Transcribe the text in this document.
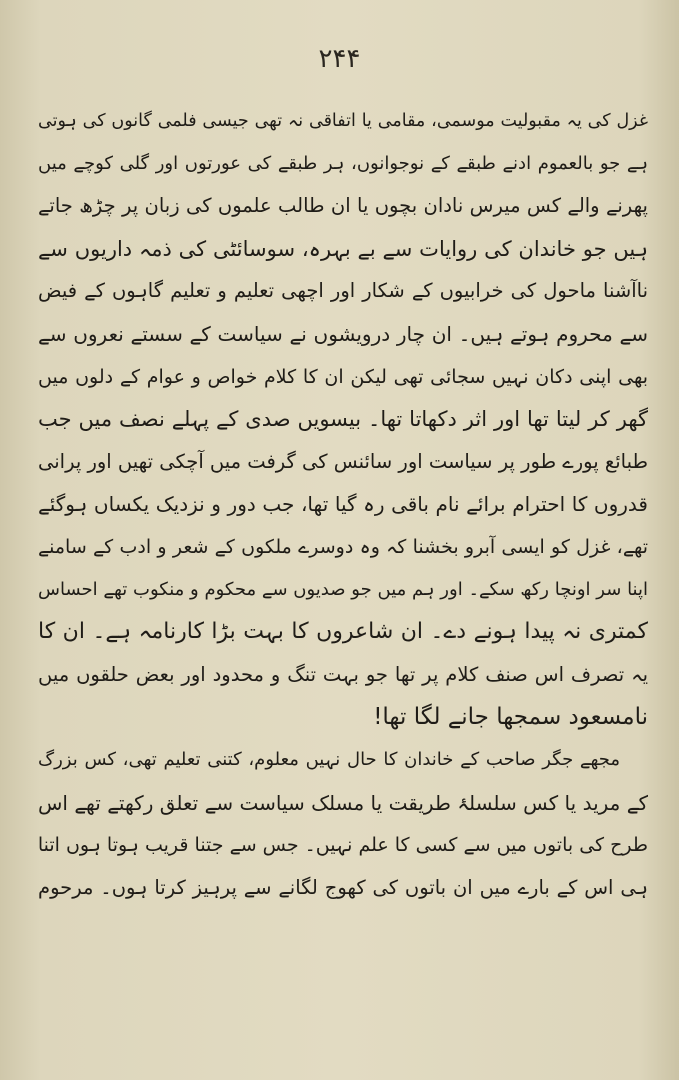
۲۴۴
غزل کی یہ مقبولیت موسمی، مقامی یا اتفاقی نہ تھی جیسی فلمی گانوں کی ہوتی
ہے جو بالعموم ادنے طبقے کے نوجوانوں، ہر طبقے کی عورتوں اور گلی کوچے میں
پھرنے والے کس میرس نادان بچوں یا ان طالب علموں کی زبان پر چڑھ جاتے
ہیں جو خاندان کی روایات سے بے بہرہ، سوسائٹی کی ذمہ داریوں سے
ناآشنا ماحول کی خرابیوں کے شکار اور اچھی تعلیم و تعلیم گاہوں کے فیض
سے محروم ہوتے ہیں۔ ان چار درویشوں نے سیاست کے سستے نعروں سے
بھی اپنی دکان نہیں سجائی تھی لیکن ان کا کلام خواص و عوام کے دلوں میں
گھر کر لیتا تھا اور اثر دکھاتا تھا۔ بیسویں صدی کے پہلے نصف میں جب
طبائع پورے طور پر سیاست اور سائنس کی گرفت میں آچکی تھیں اور پرانی
قدروں کا احترام برائے نام باقی رہ گیا تھا، جب دور و نزدیک یکساں ہوگئے
تھے، غزل کو ایسی آبرو بخشنا کہ وہ دوسرے ملکوں کے شعر و ادب کے سامنے
اپنا سر اونچا رکھ سکے۔ اور ہم میں جو صدیوں سے محکوم و منکوب تھے احساس
کمتری نہ پیدا ہونے دے۔ ان شاعروں کا بہت بڑا کارنامہ ہے۔ ان کا
یہ تصرف اس صنف کلام پر تھا جو بہت تنگ و محدود اور بعض حلقوں میں
نامسعود سمجھا جانے لگا تھا!
مجھے جگر صاحب کے خاندان کا حال نہیں معلوم، کتنی تعلیم تھی، کس بزرگ
کے مرید یا کس سلسلۂ طریقت یا مسلک سیاست سے تعلق رکھتے تھے اس
طرح کی باتوں میں سے کسی کا علم نہیں۔ جس سے جتنا قریب ہوتا ہوں اتنا
ہی اس کے بارے میں ان باتوں کی کھوج لگانے سے پرہیز کرتا ہوں۔ مرحوم
